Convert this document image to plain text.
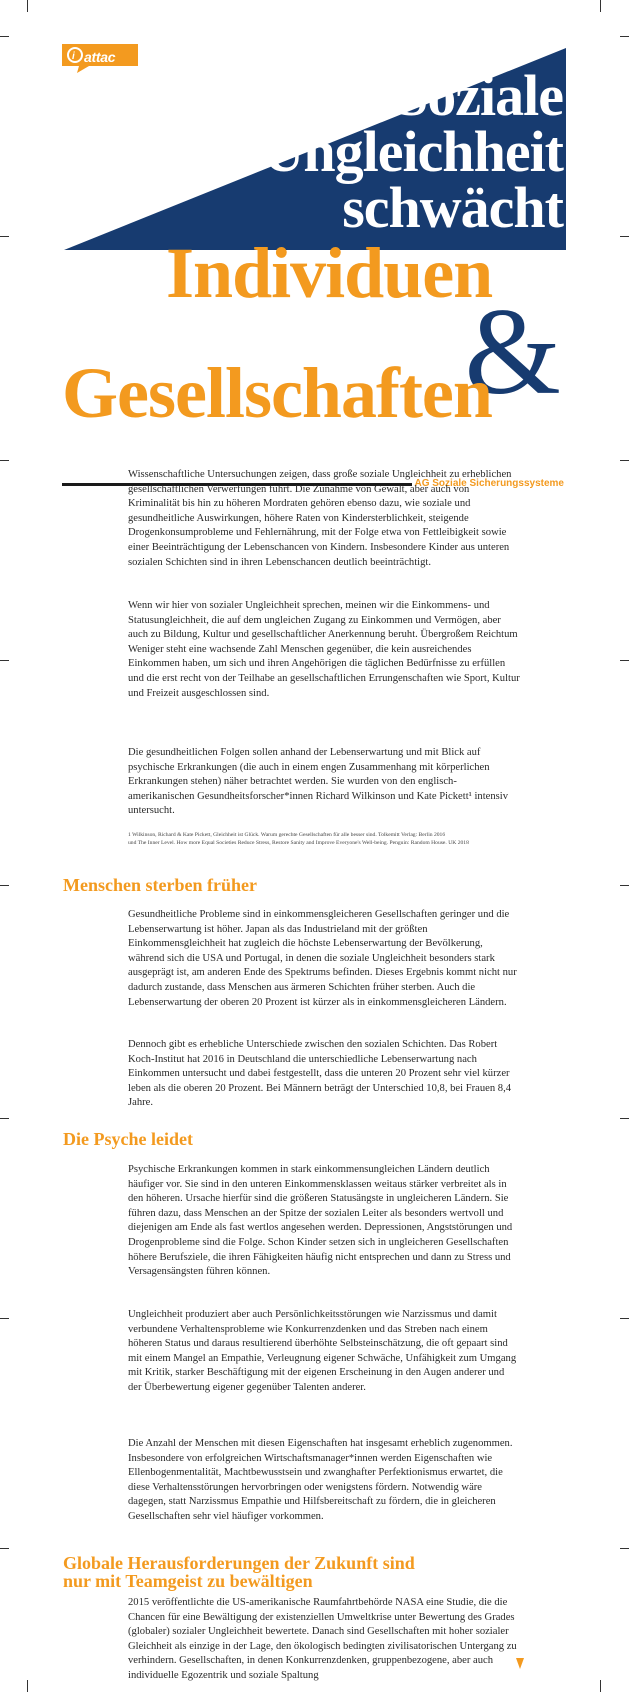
i attac
Soziale
Ungleichheit
schwächt
Individuen
&
Gesellschaften
AG Soziale Sicherungssysteme

Wissenschaftliche Untersuchungen zeigen, dass große soziale Ungleichheit zu erheblichen gesellschaftlichen Verwerfungen führt. Die Zunahme von Gewalt, aber auch von Kriminalität bis hin zu höheren Mordraten gehören ebenso dazu, wie soziale und gesundheitliche Auswirkungen, höhere Raten von Kindersterblichkeit, steigende Drogenkonsumprobleme und Fehlernährung, mit der Folge etwa von Fettleibigkeit sowie einer Beeinträchtigung der Lebenschancen von Kindern. Insbesondere Kinder aus unteren sozialen Schichten sind in ihren Lebenschancen deutlich beeinträchtigt.

Wenn wir hier von sozialer Ungleichheit sprechen, meinen wir die Einkommens- und Statusungleichheit, die auf dem ungleichen Zugang zu Einkommen und Vermögen, aber auch zu Bildung, Kultur und gesellschaftlicher Anerkennung beruht. Übergroßem Reichtum Weniger steht eine wachsende Zahl Menschen gegenüber, die kein ausreichendes Einkommen haben, um sich und ihren Angehörigen die täglichen Bedürfnisse zu erfüllen und die erst recht von der Teilhabe an gesellschaftlichen Errungenschaften wie Sport, Kultur und Freizeit ausgeschlossen sind.

Die gesundheitlichen Folgen sollen anhand der Lebenserwartung und mit Blick auf psychische Erkrankungen (die auch in einem engen Zusammenhang mit körperlichen Erkrankungen stehen) näher betrachtet werden. Sie wurden von den englisch-amerikanischen Gesundheitsforscher*innen Richard Wilkinson und Kate Pickett¹ intensiv untersucht.

1 Wilkinson, Richard & Kate Pickett, Gleichheit ist Glück. Warum gerechte Gesellschaften für alle besser sind. Tolkemitt Verlag: Berlin 2016
und The Inner Level. How more Equal Societies Reduce Stress, Restore Sanity and Improve Everyone's Well-being. Penguin: Random House. UK 2018
Menschen sterben früher

Gesundheitliche Probleme sind in einkommensgleicheren Gesellschaften geringer und die Lebenserwartung ist höher. Japan als das Industrieland mit der größten Einkommensgleichheit hat zugleich die höchste Lebenserwartung der Bevölkerung, während sich die USA und Portugal, in denen die soziale Ungleichheit besonders stark ausgeprägt ist, am anderen Ende des Spektrums befinden. Dieses Ergebnis kommt nicht nur dadurch zustande, dass Menschen aus ärmeren Schichten früher sterben. Auch die Lebenserwartung der oberen 20 Prozent ist kürzer als in einkommensgleicheren Ländern.

Dennoch gibt es erhebliche Unterschiede zwischen den sozialen Schichten. Das Robert Koch-Institut hat 2016 in Deutschland die unterschiedliche Lebenserwartung nach Einkommen untersucht und dabei festgestellt, dass die unteren 20 Prozent sehr viel kürzer leben als die oberen 20 Prozent. Bei Männern beträgt der Unterschied 10,8, bei Frauen 8,4 Jahre.

Die Psyche leidet

Psychische Erkrankungen kommen in stark einkommensungleichen Ländern deutlich häufiger vor. Sie sind in den unteren Einkommensklassen weitaus stärker verbreitet als in den höheren. Ursache hierfür sind die größeren Statusängste in ungleicheren Ländern. Sie führen dazu, dass Menschen an der Spitze der sozialen Leiter als besonders wertvoll und diejenigen am Ende als fast wertlos angesehen werden. Depressionen, Angststörungen und Drogenprobleme sind die Folge. Schon Kinder setzen sich in ungleicheren Gesellschaften höhere Berufsziele, die ihren Fähigkeiten häufig nicht entsprechen und dann zu Stress und Versagensängsten führen können.

Ungleichheit produziert aber auch Persönlichkeitsstörungen wie Narzissmus und damit verbundene Verhaltensprobleme wie Konkurrenzdenken und das Streben nach einem höheren Status und daraus resultierend überhöhte Selbsteinschätzung, die oft gepaart sind mit einem Mangel an Empathie, Verleugnung eigener Schwäche, Unfähigkeit zum Umgang mit Kritik, starker Beschäftigung mit der eigenen Erscheinung in den Augen anderer und der Überbewertung eigener gegenüber Talenten anderer.

Die Anzahl der Menschen mit diesen Eigenschaften hat insgesamt erheblich zugenommen. Insbesondere von erfolgreichen Wirtschaftsmanager*innen werden Eigenschaften wie Ellenbogenmentalität, Machtbewusstsein und zwanghafter Perfektionismus erwartet, die diese Verhaltensstörungen hervorbringen oder wenigstens fördern. Notwendig wäre dagegen, statt Narzissmus Empathie und Hilfsbereitschaft zu fördern, die in gleicheren Gesellschaften sehr viel häufiger vorkommen.

Globale Herausforderungen der Zukunft sind
nur mit Teamgeist zu bewältigen

2015 veröffentlichte die US-amerikanische Raumfahrtbehörde NASA eine Studie, die die Chancen für eine Bewältigung der existenziellen Umweltkrise unter Bewertung des Grades (globaler) sozialer Ungleichheit bewertete. Danach sind Gesellschaften mit hoher sozialer Gleichheit als einzige in der Lage, den ökologisch bedingten zivilisatorischen Untergang zu verhindern. Gesellschaften, in denen Konkurrenzdenken, gruppenbezogene, aber auch individuelle Egozentrik und soziale Spaltung
